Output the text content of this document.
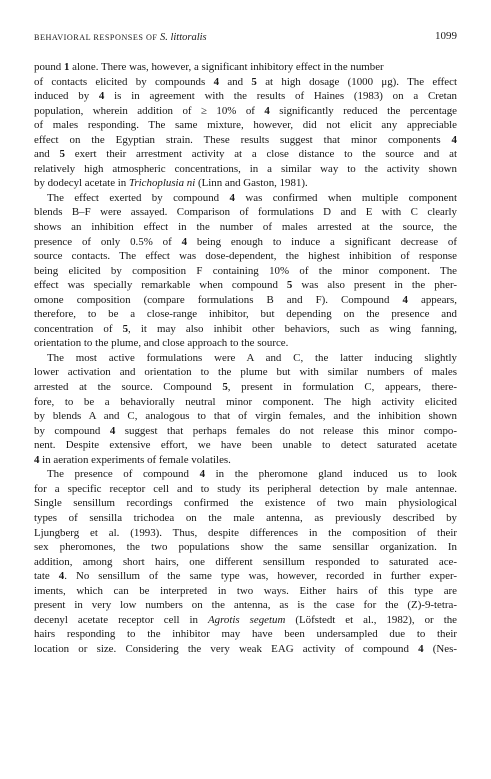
BEHAVIORAL RESPONSES OF S. littoralis	1099
pound 1 alone. There was, however, a significant inhibitory effect in the number
of contacts elicited by compounds 4 and 5 at high dosage (1000 μg). The effect
induced by 4 is in agreement with the results of Haines (1983) on a Cretan
population, wherein addition of ≥ 10% of 4 significantly reduced the percentage
of males responding. The same mixture, however, did not elicit any appreciable
effect on the Egyptian strain. These results suggest that minor components 4
and 5 exert their arrestment activity at a close distance to the source and at
relatively high atmospheric concentrations, in a similar way to the activity shown
by dodecyl acetate in Trichoplusia ni (Linn and Gaston, 1981).
The effect exerted by compound 4 was confirmed when multiple component
blends B–F were assayed. Comparison of formulations D and E with C clearly
shows an inhibition effect in the number of males arrested at the source, the
presence of only 0.5% of 4 being enough to induce a significant decrease of
source contacts. The effect was dose-dependent, the highest inhibition of response
being elicited by composition F containing 10% of the minor component. The
effect was specially remarkable when compound 5 was also present in the pher-
omone composition (compare formulations B and F). Compound 4 appears,
therefore, to be a close-range inhibitor, but depending on the presence and
concentration of 5, it may also inhibit other behaviors, such as wing fanning,
orientation to the plume, and close approach to the source.
The most active formulations were A and C, the latter inducing slightly
lower activation and orientation to the plume but with similar numbers of males
arrested at the source. Compound 5, present in formulation C, appears, there-
fore, to be a behaviorally neutral minor component. The high activity elicited
by blends A and C, analogous to that of virgin females, and the inhibition shown
by compound 4 suggest that perhaps females do not release this minor compo-
nent. Despite extensive effort, we have been unable to detect saturated acetate
4 in aeration experiments of female volatiles.
The presence of compound 4 in the pheromone gland induced us to look
for a specific receptor cell and to study its peripheral detection by male antennae.
Single sensillum recordings confirmed the existence of two main physiological
types of sensilla trichodea on the male antenna, as previously described by
Ljungberg et al. (1993). Thus, despite differences in the composition of their
sex pheromones, the two populations show the same sensillar organization. In
addition, among short hairs, one different sensillum responded to saturated ace-
tate 4. No sensillum of the same type was, however, recorded in further exper-
iments, which can be interpreted in two ways. Either hairs of this type are
present in very low numbers on the antenna, as is the case for the (Z)-9-tetra-
decenyl acetate receptor cell in Agrotis segetum (Löfstedt et al., 1982), or the
hairs responding to the inhibitor may have been undersampled due to their
location or size. Considering the very weak EAG activity of compound 4 (Nes-
